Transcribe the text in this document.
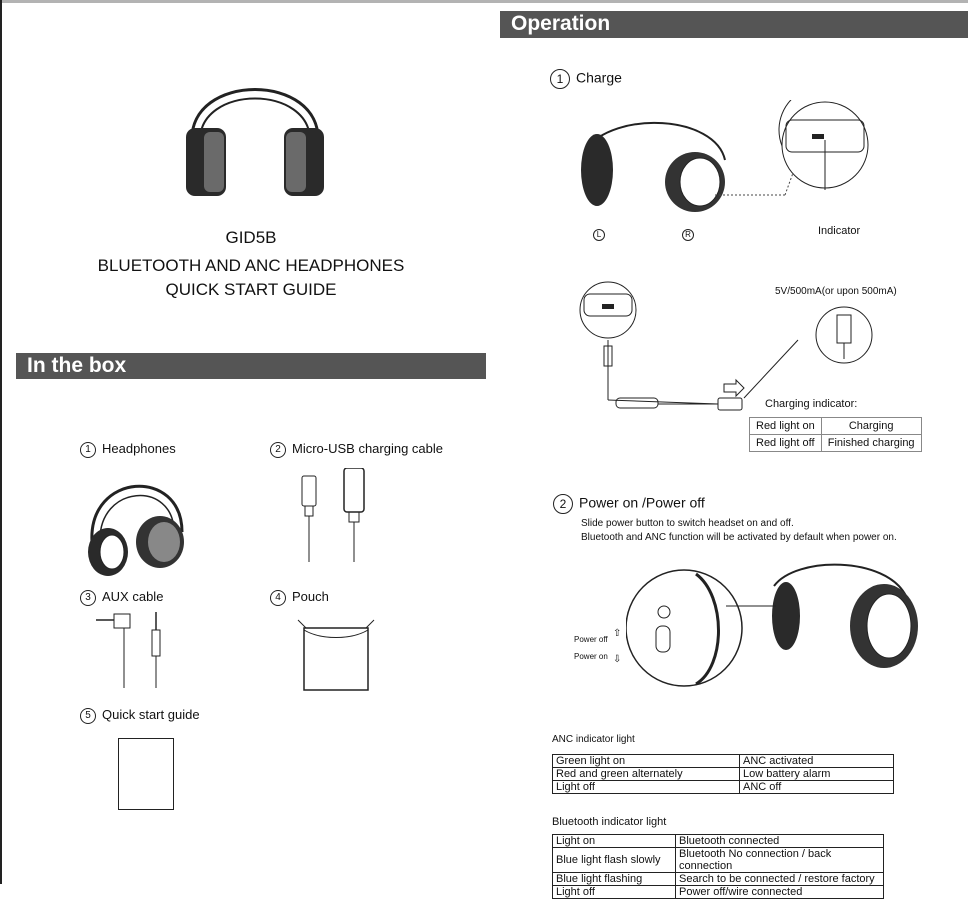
GID5B
BLUETOOTH AND ANC HEADPHONES
QUICK START GUIDE
In the box
1 Headphones	2 Micro-USB charging cable
3 AUX cable	4 Pouch
5 Quick start guide
Operation
1 Charge
L	R	Indicator
5V/500mA(or upon 500mA)
Charging indicator:
Red light on	Charging
Red light off	Finished charging
2 Power on /Power off
Slide power button to switch headset on and off.
Bluetooth and ANC function will be activated by default when power on.
Power off
⇧
Power on ⇩
ANC indicator light
Green light on	ANC activated
Red and green alternately	Low battery alarm
Light off	ANC off
Bluetooth indicator light
Light on	Bluetooth connected
Blue light flash slowly	Bluetooth No connection / back connection
Blue light flashing	Search to be connected / restore factory
Light off	Power off/wire connected
